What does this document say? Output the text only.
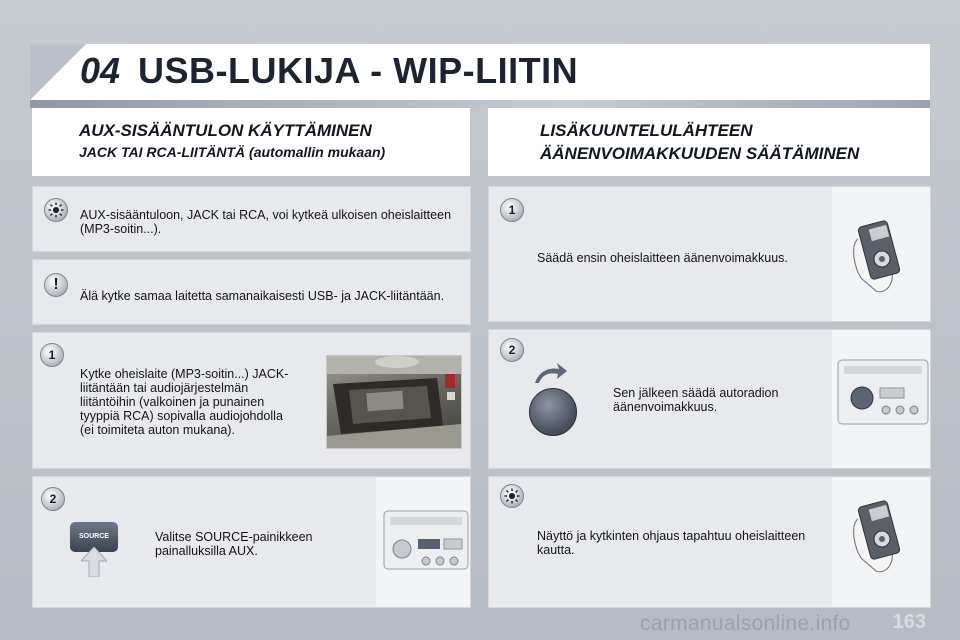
04 USB-LUKIJA - WIP-LIITIN
AUX-SISÄÄNTULON KÄYTTÄMINEN
JACK TAI RCA-LIITÄNTÄ (automallin mukaan)
LISÄKUUNTELULÄHTEEN
ÄÄNENVOIMAKKUUDEN SÄÄTÄMINEN
AUX-sisääntuloon, JACK tai RCA, voi kytkeä ulkoisen oheislaitteen (MP3-soitin...).
!
Älä kytke samaa laitetta samanaikaisesti USB- ja JACK-liitäntään.
1
Kytke oheislaite (MP3-soitin...) JACK-liitäntään tai audiojärjestelmän liitäntöihin (valkoinen ja punainen tyyppiä RCA) sopivalla audiojohdolla (ei toimiteta auton mukana).
2
SOURCE	Valitse SOURCE-painikkeen painalluksilla AUX.
1
Säädä ensin oheislaitteen äänenvoimakkuus.
2
Sen jälkeen säädä autoradion äänenvoimakkuus.
Näyttö ja kytkinten ohjaus tapahtuu oheislaitteen kautta.
163
carmanualsonline.info
